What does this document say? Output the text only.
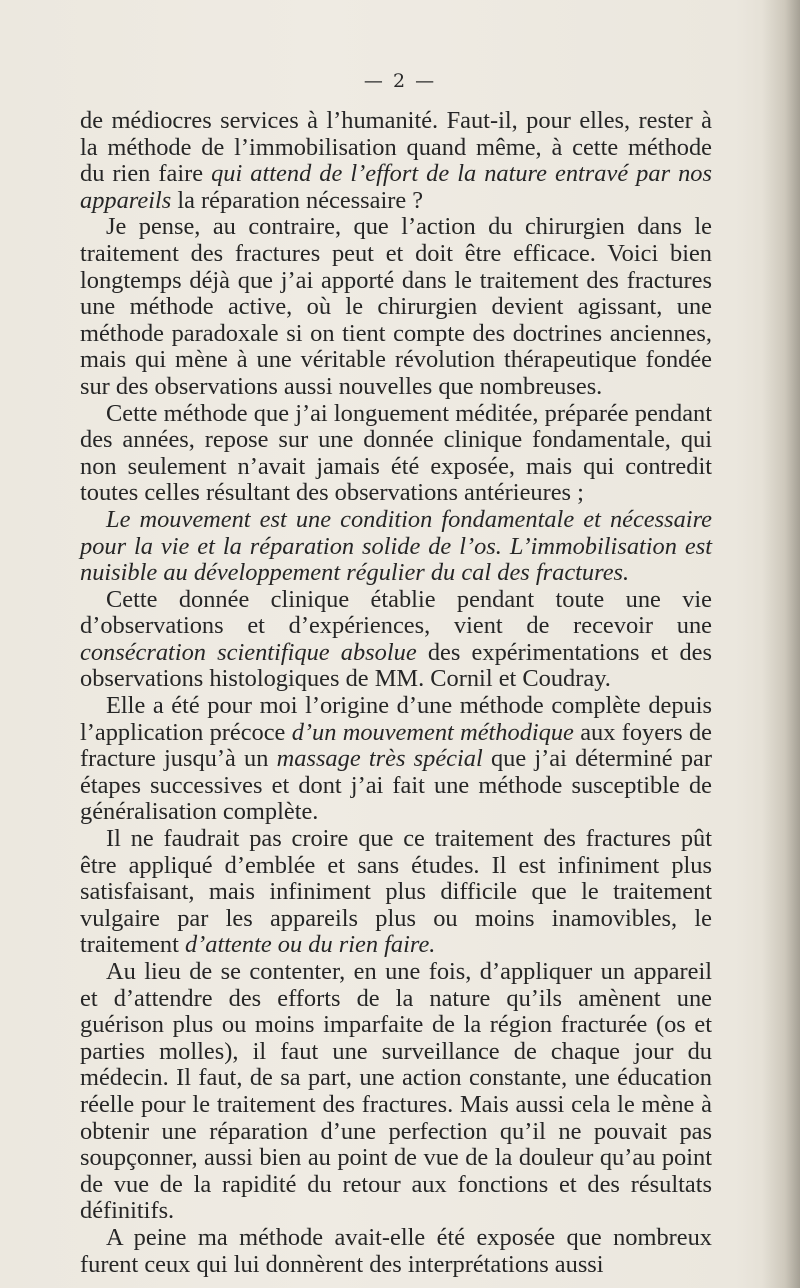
— 2 —

de médiocres services à l’humanité. Faut-il, pour elles, rester à la méthode de l’immobilisation quand même, à cette méthode du rien faire qui attend de l’effort de la nature entravé par nos appareils la réparation nécessaire ?

Je pense, au contraire, que l’action du chirurgien dans le traitement des fractures peut et doit être efficace. Voici bien longtemps déjà que j’ai apporté dans le traitement des fractures une méthode active, où le chirurgien devient agissant, une méthode paradoxale si on tient compte des doctrines anciennes, mais qui mène à une véritable révolution thérapeutique fondée sur des observations aussi nouvelles que nombreuses.

Cette méthode que j’ai longuement méditée, préparée pendant des années, repose sur une donnée clinique fondamentale, qui non seulement n’avait jamais été exposée, mais qui contredit toutes celles résultant des observations antérieures ;

Le mouvement est une condition fondamentale et nécessaire pour la vie et la réparation solide de l’os. L’immobilisation est nuisible au développement régulier du cal des fractures.

Cette donnée clinique établie pendant toute une vie d’observations et d’expériences, vient de recevoir une consécration scientifique absolue des expérimentations et des observations histologiques de MM. Cornil et Coudray.

Elle a été pour moi l’origine d’une méthode complète depuis l’application précoce d’un mouvement méthodique aux foyers de fracture jusqu’à un massage très spécial que j’ai déterminé par étapes successives et dont j’ai fait une méthode susceptible de généralisation complète.

Il ne faudrait pas croire que ce traitement des fractures pût être appliqué d’emblée et sans études. Il est infiniment plus satisfaisant, mais infiniment plus difficile que le traitement vulgaire par les appareils plus ou moins inamovibles, le traitement d’attente ou du rien faire.

Au lieu de se contenter, en une fois, d’appliquer un appareil et d’attendre des efforts de la nature qu’ils amènent une guérison plus ou moins imparfaite de la région fracturée (os et parties molles), il faut une surveillance de chaque jour du médecin. Il faut, de sa part, une action constante, une éducation réelle pour le traitement des fractures. Mais aussi cela le mène à obtenir une réparation d’une perfection qu’il ne pouvait pas soupçonner, aussi bien au point de vue de la douleur qu’au point de vue de la rapidité du retour aux fonctions et des résultats définitifs.

A peine ma méthode avait-elle été exposée que nombreux furent ceux qui lui donnèrent des interprétations aussi
